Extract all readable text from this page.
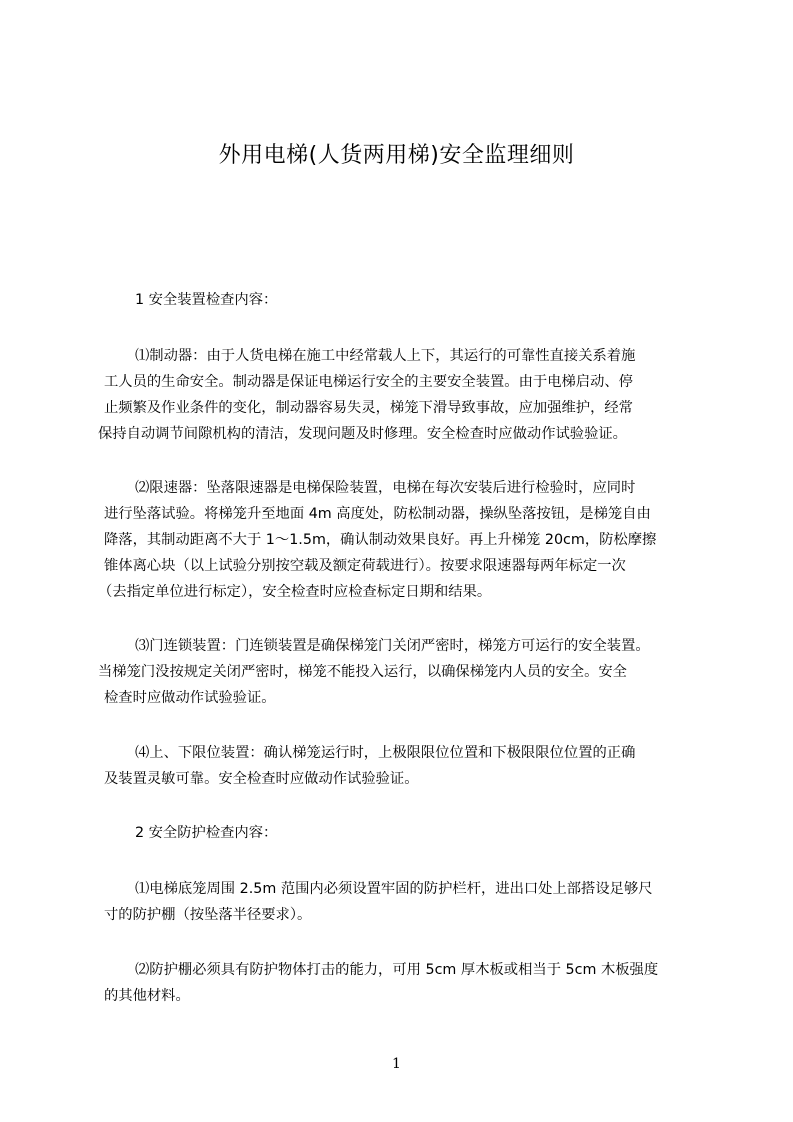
外用电梯(人货两用梯)安全监理细则
1 安全装置检查内容：
⑴制动器：由于人货电梯在施工中经常载人上下，其运行的可靠性直接关系着施
工人员的生命安全。制动器是保证电梯运行安全的主要安全装置。由于电梯启动、停
止频繁及作业条件的变化，制动器容易失灵，梯笼下滑导致事故，应加强维护，经常
保持自动调节间隙机构的清洁，发现问题及时修理。安全检查时应做动作试验验证。
⑵限速器：坠落限速器是电梯保险装置，电梯在每次安装后进行检验时，应同时
进行坠落试验。将梯笼升至地面 4m 高度处，防松制动器，操纵坠落按钮，是梯笼自由
降落，其制动距离不大于 1～1.5m，确认制动效果良好。再上升梯笼 20cm，防松摩擦
锥体离心块（以上试验分别按空载及额定荷载进行）。按要求限速器每两年标定一次
（去指定单位进行标定），安全检查时应检查标定日期和结果。
⑶门连锁装置：门连锁装置是确保梯笼门关闭严密时，梯笼方可运行的安全装置。
当梯笼门没按规定关闭严密时，梯笼不能投入运行，以确保梯笼内人员的安全。安全
检查时应做动作试验验证。
⑷上、下限位装置：确认梯笼运行时，上极限限位位置和下极限限位位置的正确
及装置灵敏可靠。安全检查时应做动作试验验证。
2 安全防护检查内容：
⑴电梯底笼周围 2.5m 范围内必须设置牢固的防护栏杆，进出口处上部搭设足够尺
寸的防护棚（按坠落半径要求）。
⑵防护棚必须具有防护物体打击的能力，可用 5cm 厚木板或相当于 5cm 木板强度
的其他材料。
1
